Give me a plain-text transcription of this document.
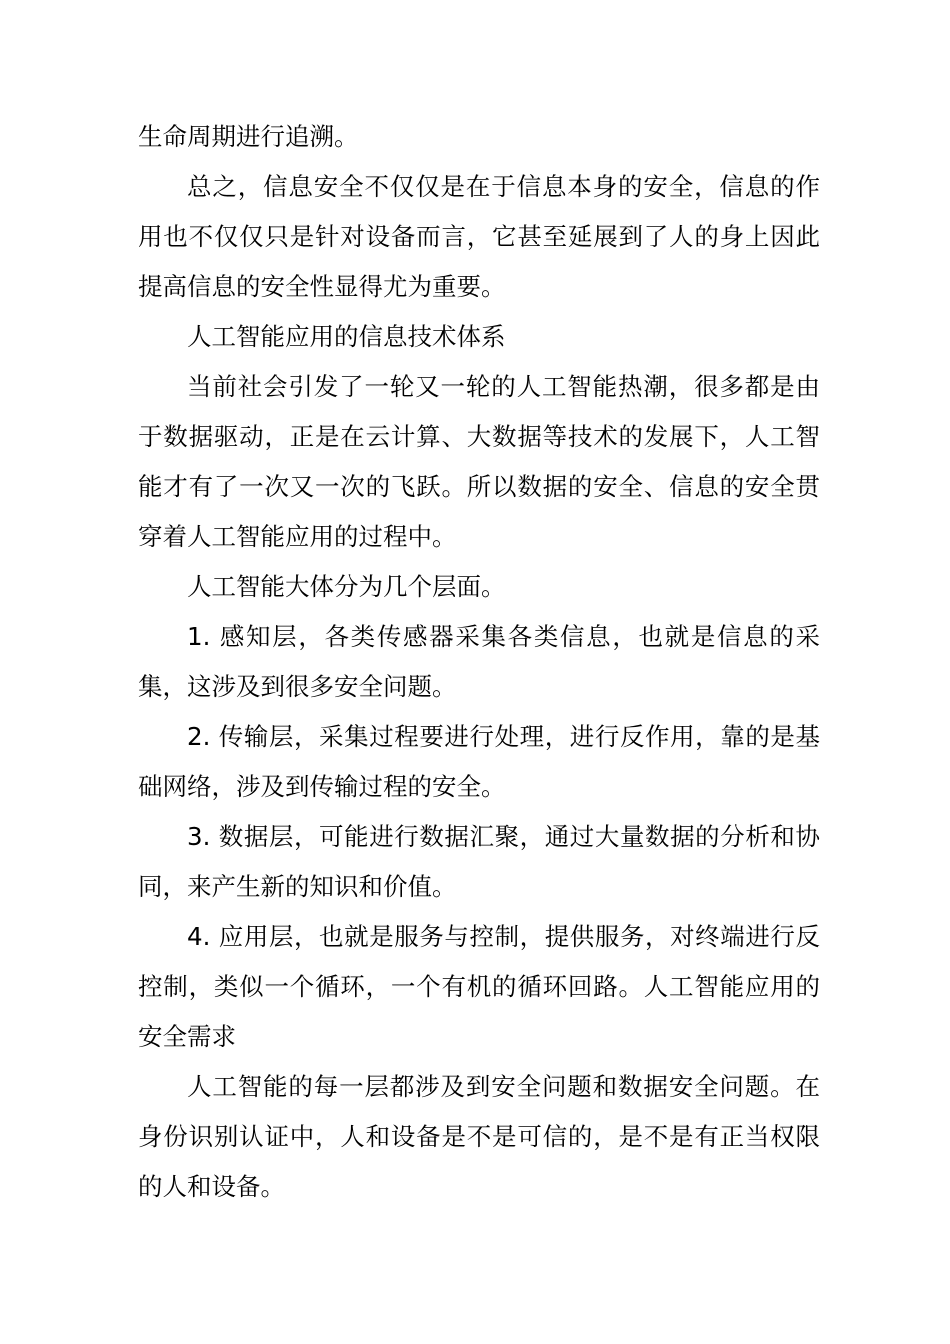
生命周期进行追溯。

总之，信息安全不仅仅是在于信息本身的安全，信息的作用也不仅仅只是针对设备而言，它甚至延展到了人的身上因此提高信息的安全性显得尤为重要。

人工智能应用的信息技术体系

当前社会引发了一轮又一轮的人工智能热潮，很多都是由于数据驱动，正是在云计算、大数据等技术的发展下，人工智能才有了一次又一次的飞跃。所以数据的安全、信息的安全贯穿着人工智能应用的过程中。

人工智能大体分为几个层面。

1. 感知层，各类传感器采集各类信息，也就是信息的采集，这涉及到很多安全问题。

2. 传输层，采集过程要进行处理，进行反作用，靠的是基础网络，涉及到传输过程的安全。

3. 数据层，可能进行数据汇聚，通过大量数据的分析和协同，来产生新的知识和价值。

4. 应用层，也就是服务与控制，提供服务，对终端进行反控制，类似一个循环，一个有机的循环回路。人工智能应用的安全需求

人工智能的每一层都涉及到安全问题和数据安全问题。在身份识别认证中，人和设备是不是可信的，是不是有正当权限的人和设备。
